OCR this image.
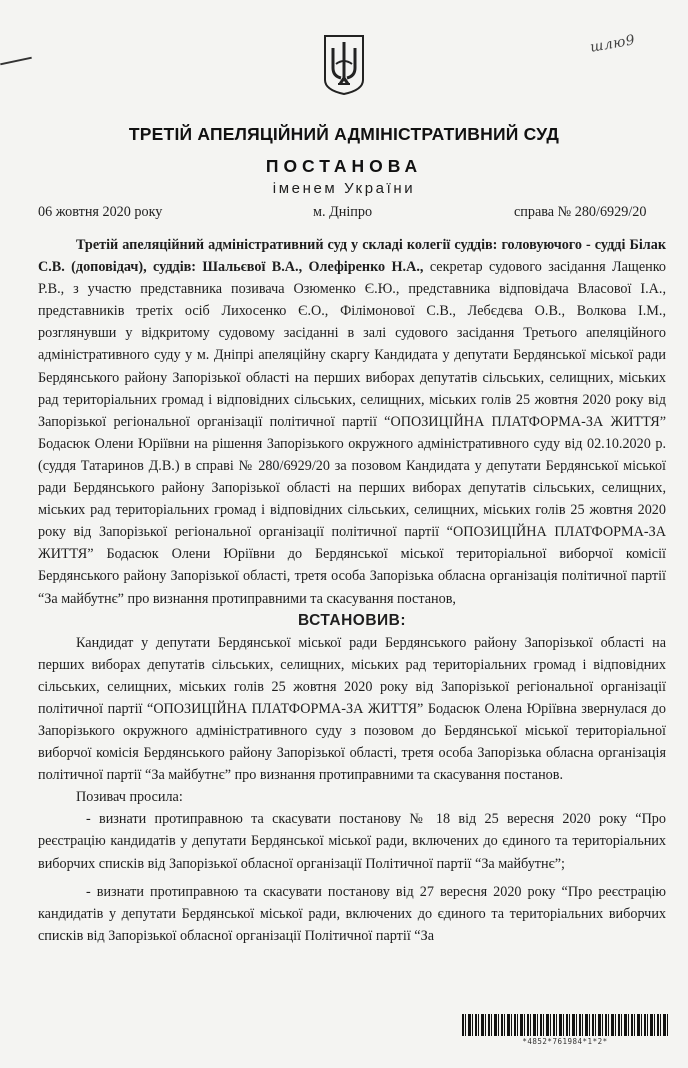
шлю9
ТРЕТІЙ АПЕЛЯЦІЙНИЙ АДМІНІСТРАТИВНИЙ СУД
ПОСТАНОВА
іменем України
06 жовтня 2020 року	м. Дніпро	справа № 280/6929/20

Третій апеляційний адміністративний суд у складі колегії суддів: головуючого - судді Білак С.В. (доповідач), суддів: Шальєвої В.А., Олефіренко Н.А., секретар судового засідання Лащенко Р.В., з участю представника позивача Озюменко Є.Ю., представника відповідача Власової І.А., представників третіх осіб Лихосенко Є.О., Філімонової С.В., Лебєдєва О.В., Волкова І.М., розглянувши у відкритому судовому засіданні в залі судового засідання Третього апеляційного адміністративного суду у м. Дніпрі апеляційну скаргу Кандидата у депутати Бердянської міської ради Бердянського району Запорізької області на перших виборах депутатів сільських, селищних, міських рад територіальних громад і відповідних сільських, селищних, міських голів 25 жовтня 2020 року від Запорізької регіональної організації політичної партії “ОПОЗИЦІЙНА ПЛАТФОРМА-ЗА ЖИТТЯ” Бодасюк Олени Юріївни на рішення Запорізького окружного адміністративного суду від 02.10.2020 р. (суддя Татаринов Д.В.) в справі № 280/6929/20 за позовом Кандидата у депутати Бердянської міської ради Бердянського району Запорізької області на перших виборах депутатів сільських, селищних, міських рад територіальних громад і відповідних сільських, селищних, міських голів 25 жовтня 2020 року від Запорізької регіональної організації політичної партії “ОПОЗИЦІЙНА ПЛАТФОРМА-ЗА ЖИТТЯ” Бодасюк Олени Юріївни до Бердянської міської територіальної виборчої комісії Бердянського району Запорізької області, третя особа Запорізька обласна організація політичної партії “За майбутнє” про визнання протиправними та скасування постанов,

ВСТАНОВИВ:

Кандидат у депутати Бердянської міської ради Бердянського району Запорізької області на перших виборах депутатів сільських, селищних, міських рад територіальних громад і відповідних сільських, селищних, міських голів 25 жовтня 2020 року від Запорізької регіональної організації політичної партії “ОПОЗИЦІЙНА ПЛАТФОРМА-ЗА ЖИТТЯ” Бодасюк Олена Юріївна звернулася до Запорізького окружного адміністративного суду з позовом до Бердянської міської територіальної виборчої комісія Бердянського району Запорізької області, третя особа Запорізька обласна організація політичної партії “За майбутнє” про визнання протиправними та скасування постанов.

Позивач просила:

- визнати протиправною та скасувати постанову № 18 від 25 вересня 2020 року “Про реєстрацію кандидатів у депутати Бердянської міської ради, включених до єдиного та територіальних виборчих списків від Запорізької обласної організації Політичної партії “За майбутнє”;

- визнати протиправною та скасувати постанову від 27 вересня 2020 року “Про реєстрацію кандидатів у депутати Бердянської міської ради, включених до єдиного та територіальних виборчих списків від Запорізької обласної організації Політичної партії “За

*4852*761984*1*2*
